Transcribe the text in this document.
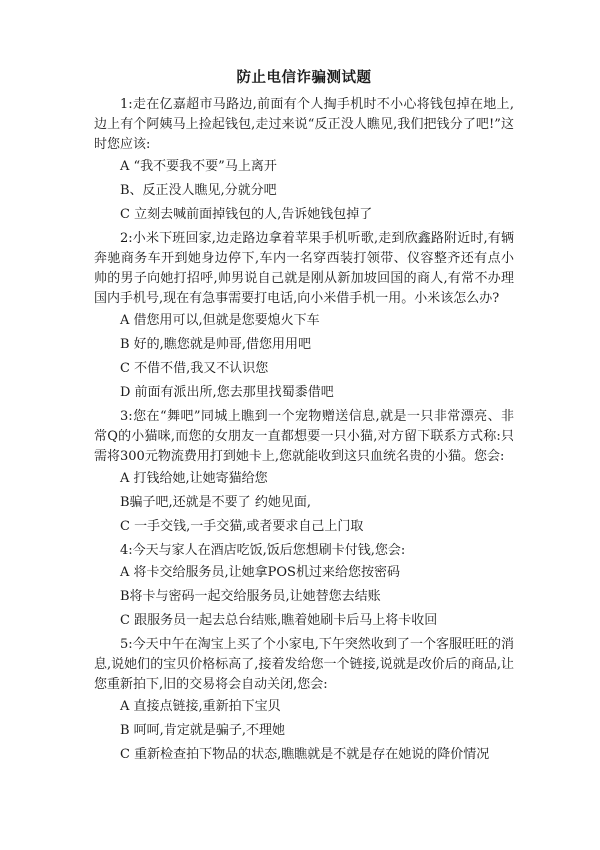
防止电信诈骗测试题

1:走在亿嘉超市马路边,前面有个人掏手机时不小心将钱包掉在地上,边上有个阿姨马上捡起钱包,走过来说“反正没人瞧见,我们把钱分了吧!”这时您应该:

A “我不要我不要”马上离开
B、反正没人瞧见,分就分吧
C 立刻去喊前面掉钱包的人,告诉她钱包掉了

2:小米下班回家,边走路边拿着苹果手机听歌,走到欣鑫路附近时,有辆奔驰商务车开到她身边停下,车内一名穿西装打领带、仪容整齐还有点小帅的男子向她打招呼,帅男说自己就是刚从新加坡回国的商人,有常不办理国内手机号,现在有急事需要打电话,向小米借手机一用。小米该怎么办?

A 借您用可以,但就是您要熄火下车
B 好的,瞧您就是帅哥,借您用用吧
C 不借不借,我又不认识您
D 前面有派出所,您去那里找蜀黍借吧

3:您在“舞吧”同城上瞧到一个宠物赠送信息,就是一只非常漂亮、非常Q的小猫咪,而您的女朋友一直都想要一只小猫,对方留下联系方式称:只需将300元物流费用打到她卡上,您就能收到这只血统名贵的小猫。您会:

A 打钱给她,让她寄猫给您
B骗子吧,还就是不要了 约她见面,
C 一手交钱,一手交猫,或者要求自己上门取

4:今天与家人在酒店吃饭,饭后您想刷卡付钱,您会:

A 将卡交给服务员,让她拿POS机过来给您按密码
B将卡与密码一起交给服务员,让她替您去结账
C 跟服务员一起去总台结账,瞧着她刷卡后马上将卡收回

5:今天中午在淘宝上买了个小家电,下午突然收到了一个客服旺旺的消息,说她们的宝贝价格标高了,接着发给您一个链接,说就是改价后的商品,让您重新拍下,旧的交易将会自动关闭,您会:

A 直接点链接,重新拍下宝贝
B 呵呵,肯定就是骗子,不理她
C 重新检查拍下物品的状态,瞧瞧就是不就是存在她说的降价情况
